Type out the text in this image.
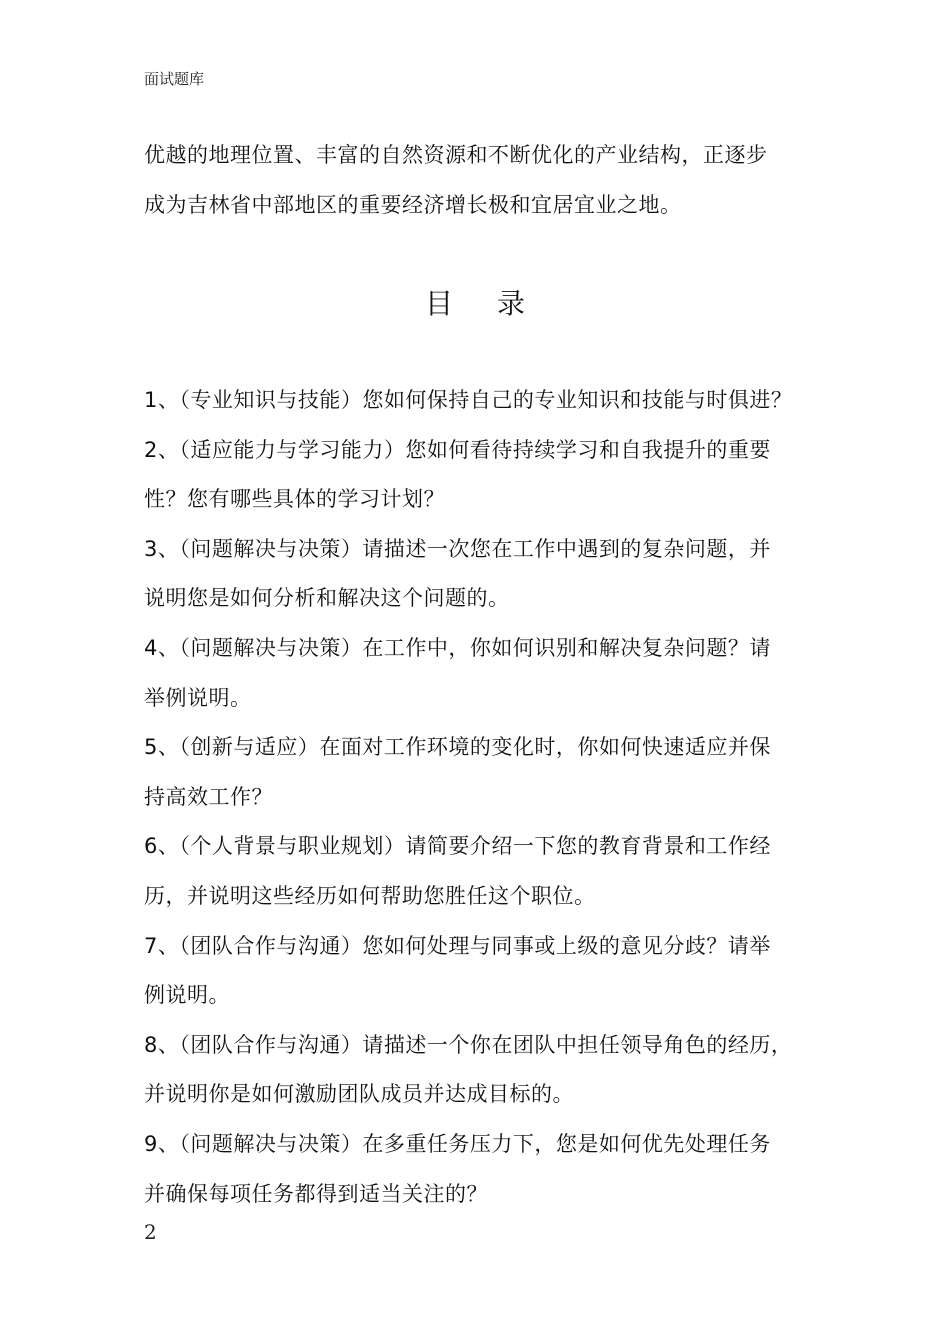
面试题库
优越的地理位置、丰富的自然资源和不断优化的产业结构，正逐步
成为吉林省中部地区的重要经济增长极和宜居宜业之地。
目录
1、（专业知识与技能）您如何保持自己的专业知识和技能与时俱进？
2、（适应能力与学习能力）您如何看待持续学习和自我提升的重要
性？您有哪些具体的学习计划？
3、（问题解决与决策）请描述一次您在工作中遇到的复杂问题，并
说明您是如何分析和解决这个问题的。
4、（问题解决与决策）在工作中，你如何识别和解决复杂问题？请
举例说明。
5、（创新与适应）在面对工作环境的变化时，你如何快速适应并保
持高效工作？
6、（个人背景与职业规划）请简要介绍一下您的教育背景和工作经
历，并说明这些经历如何帮助您胜任这个职位。
7、（团队合作与沟通）您如何处理与同事或上级的意见分歧？请举
例说明。
8、（团队合作与沟通）请描述一个你在团队中担任领导角色的经历，
并说明你是如何激励团队成员并达成目标的。
9、（问题解决与决策）在多重任务压力下，您是如何优先处理任务
并确保每项任务都得到适当关注的？
2
